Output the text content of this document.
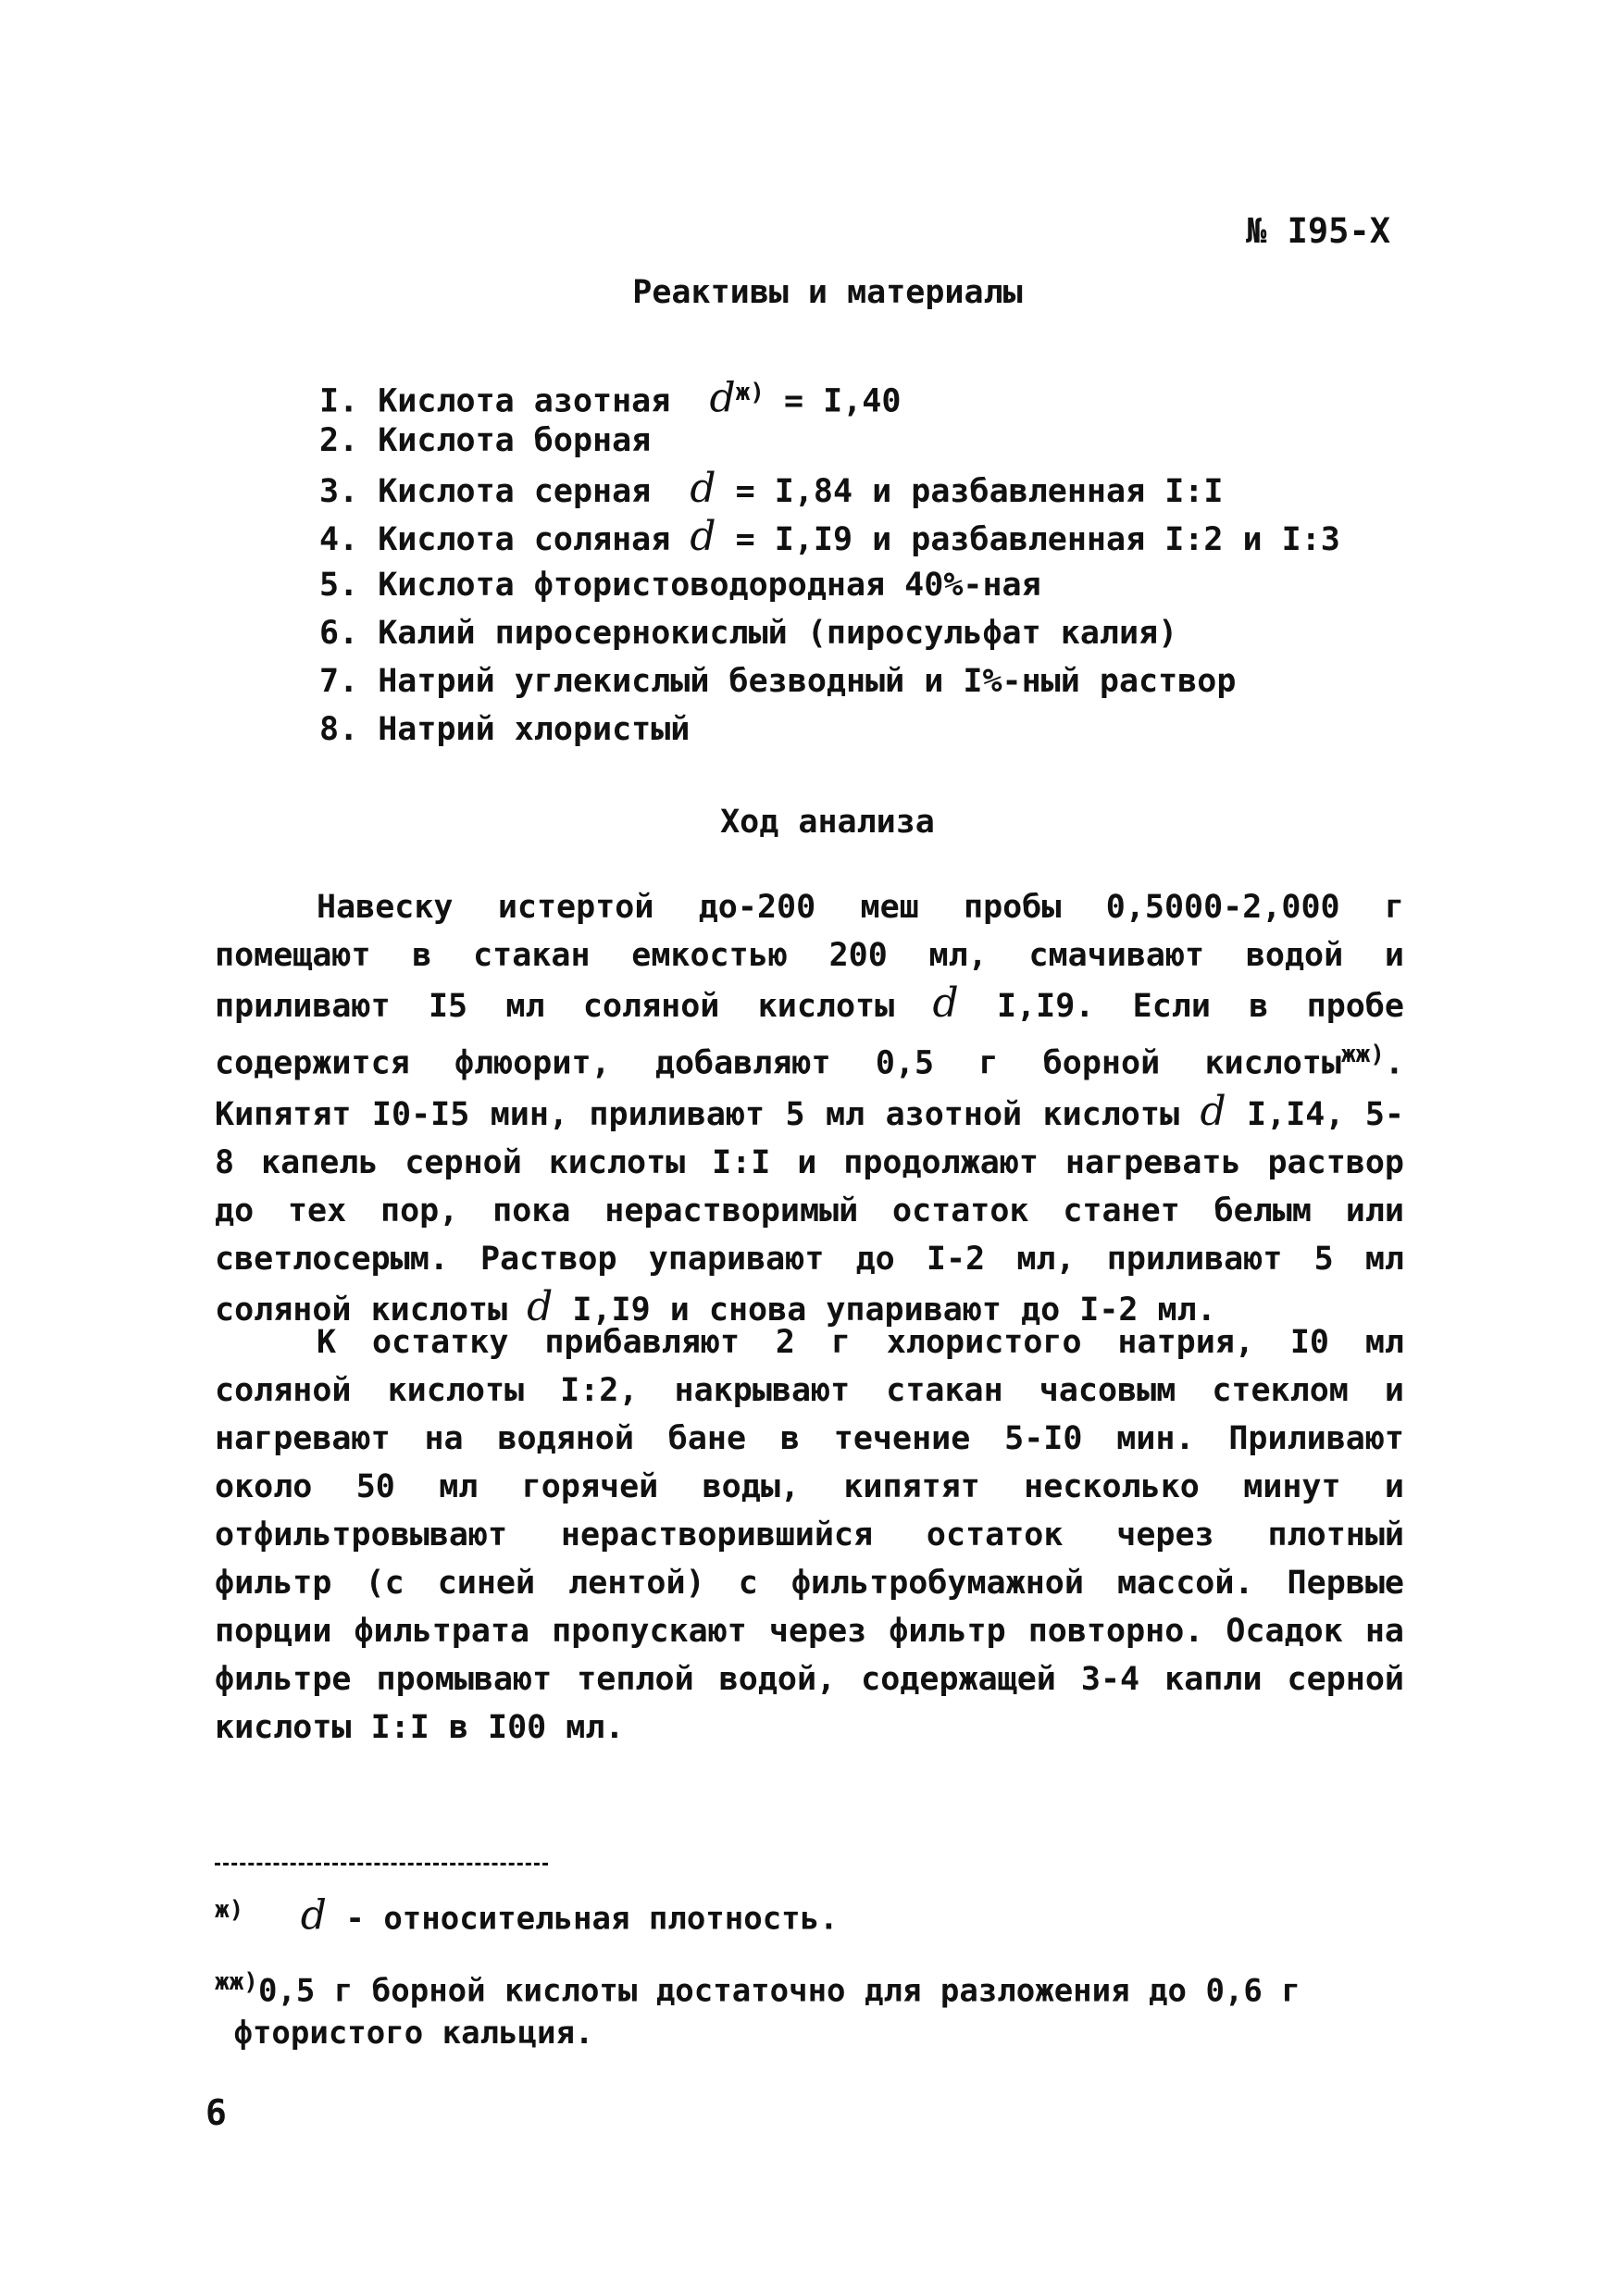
№ I95-X
Реактивы и материалы
I. Кислота азотная  $d^{ж)} = I,40$
2. Кислота борная
3. Кислота серная  d = I,84 и разбавленная I:I
4. Кислота соляная d = I,I9 и разбавленная I:2 и I:3
5. Кислота фтористоводородная 40%-ная
6. Калий пиросернокислый (пиросульфат калия)
7. Натрий углекислый безводный и I%-ный раствор
8. Натрий хлористый
Ход анализа

Навеску истертой до-200 меш пробы 0,5000-2,000 г помещают в стакан емкостью 200 мл, смачивают водой и приливают I5 мл соляной кислоты d I,I9. Если в пробе содержится флюорит, добавляют 0,5 г борной кислоты$^{жж)}$. Кипятят I0-I5 мин, приливают 5 мл азотной кислоты d I,I4, 5-8 капель серной кислоты I:I и продолжают нагревать раствор до тех пор, пока нерастворимый остаток станет белым или светлосерым. Раствор упаривают до I-2 мл, приливают 5 мл соляной кислоты d I,I9 и снова упаривают до I-2 мл.

К остатку прибавляют 2 г хлористого натрия, I0 мл соляной кислоты I:2, накрывают стакан часовым стеклом и нагревают на водяной бане в течение 5-I0 мин. Приливают около 50 мл горячей воды, кипятят несколько минут и отфильтровывают нерастворившийся остаток через плотный фильтр (с синей лентой) с фильтробумажной массой. Первые порции фильтрата пропускают через фильтр повторно. Осадок на фильтре промывают теплой водой, содержащей 3-4 капли серной кислоты I:I в I00 мл.

$^{ж)}$ d - относительная плотность.
$^{жж)}$0,5 г борной кислоты достаточно для разложения до 0,6 г
фтористого кальция.
6
